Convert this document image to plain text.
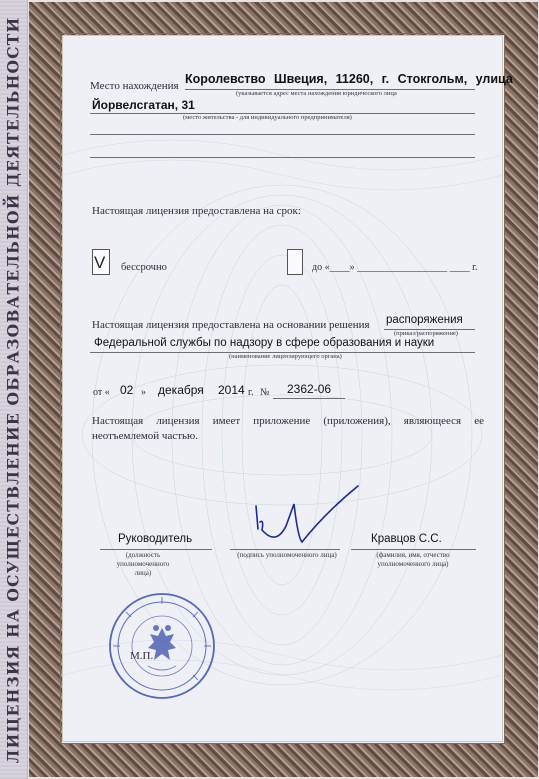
ЛИЦЕНЗИЯ НА ОСУЩЕСТВЛЕНИЕ ОБРАЗОВАТЕЛЬНОЙ ДЕЯТЕЛЬНОСТИ	Место нахождения Королевство Швеция, 11260, г. Стокгольм, улица
(указывается адрес места нахождения юридического лица
Йорвелсгатан, 31
(место жительства - для индивидуального предпринимателя)
Настоящая лицензия предоставлена на срок:
V бессрочно	до «____» __________________ ____ г.
Настоящая лицензия предоставлена на основании решения распоряжения
(приказ/распоряжение)
Федеральной службы по надзору в сфере образования и науки
(наименование лицензирующего органа)
от « 02 » декабря 2014 г. № 2362-06
Настоящая лицензия имеет приложение (приложения), являющееся ее неотъемлемой частью.
Руководитель
(должность уполномоченного лица)
(подпись уполномоченного лица)
Кравцов С.С.
(фамилия, имя, отчество уполномоченного лица)
М.П.
